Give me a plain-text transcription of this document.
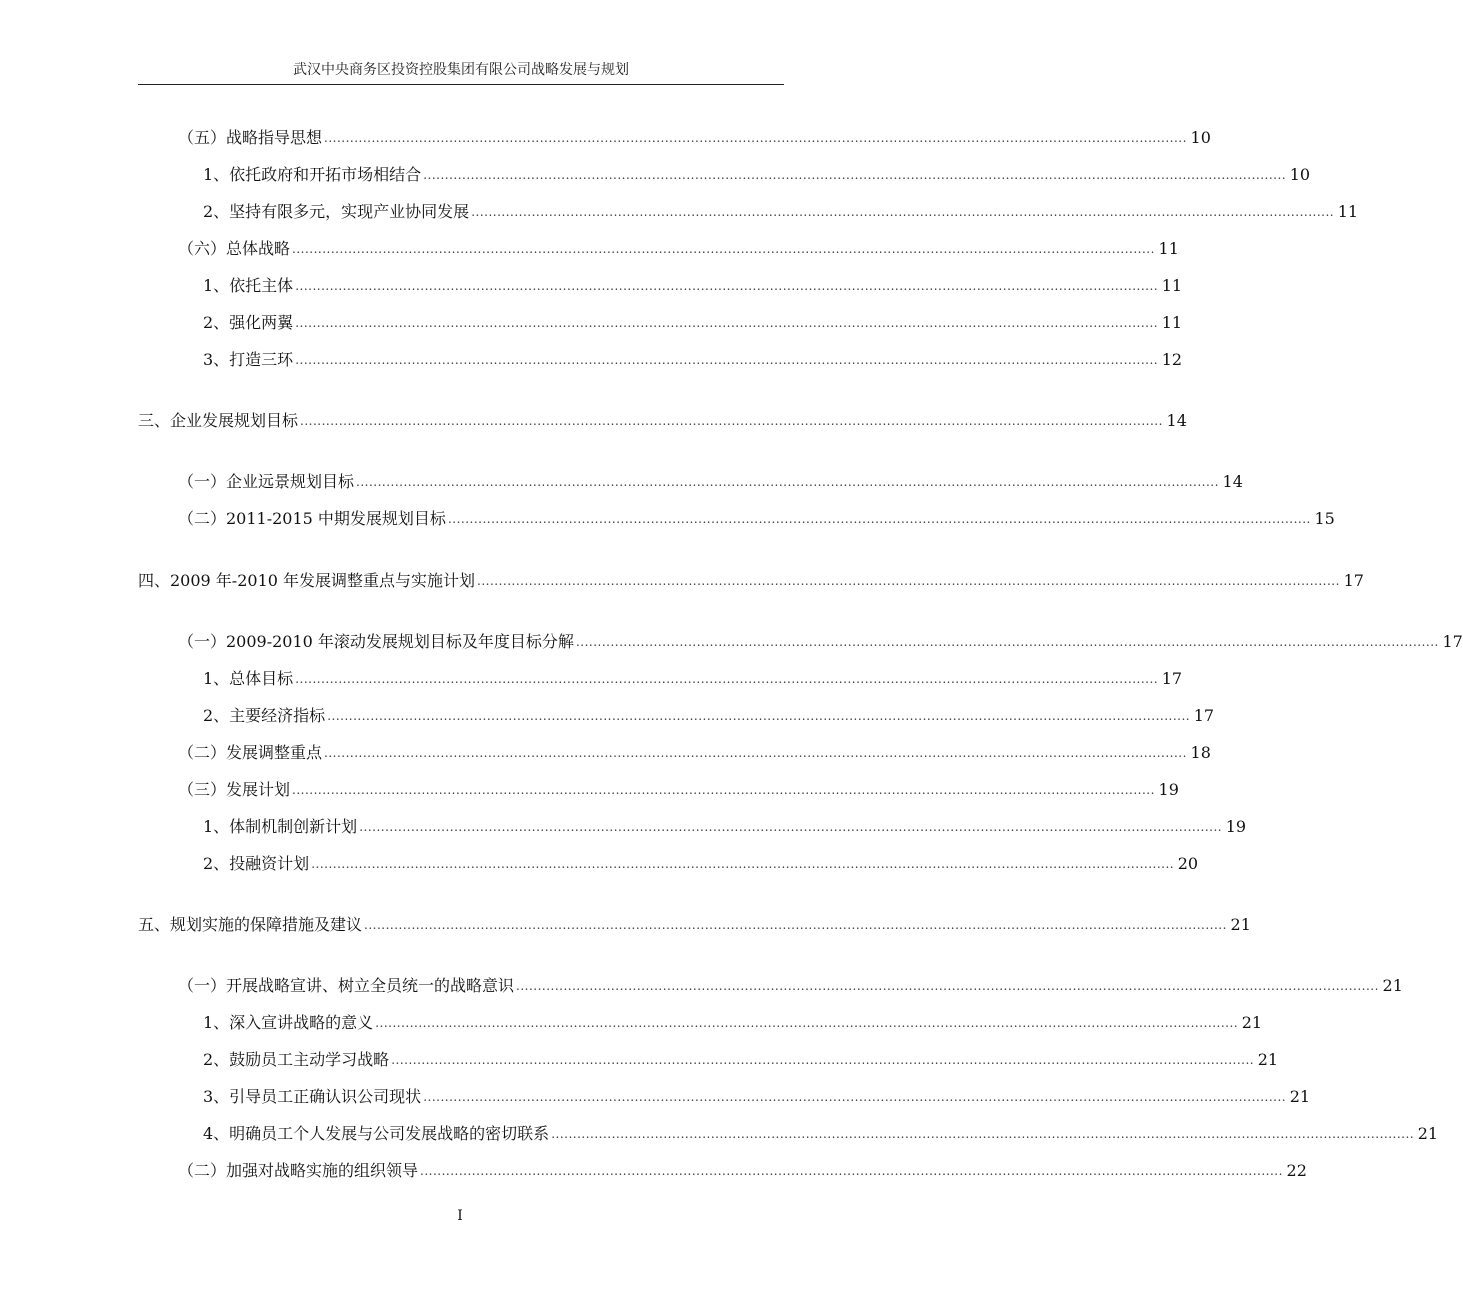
武汉中央商务区投资控股集团有限公司战略发展与规划
（五）战略指导思想 ........................................................................................................................................................................................................ 10
1、依托政府和开拓市场相结合 ........................................................................................................................................................................................................ 10
2、坚持有限多元，实现产业协同发展 ........................................................................................................................................................................................................ 11
（六）总体战略 ........................................................................................................................................................................................................ 11
1、依托主体 ........................................................................................................................................................................................................ 11
2、强化两翼 ........................................................................................................................................................................................................ 11
3、打造三环 ........................................................................................................................................................................................................ 12
三、企业发展规划目标 ........................................................................................................................................................................................................ 14
（一）企业远景规划目标 ........................................................................................................................................................................................................ 14
（二）2011-2015 中期发展规划目标 ........................................................................................................................................................................................................ 15
四、2009 年-2010 年发展调整重点与实施计划 ........................................................................................................................................................................................................ 17
（一）2009-2010 年滚动发展规划目标及年度目标分解 ........................................................................................................................................................................................................ 17
1、总体目标 ........................................................................................................................................................................................................ 17
2、主要经济指标 ........................................................................................................................................................................................................ 17
（二）发展调整重点 ........................................................................................................................................................................................................ 18
（三）发展计划 ........................................................................................................................................................................................................ 19
1、体制机制创新计划 ........................................................................................................................................................................................................ 19
2、投融资计划 ........................................................................................................................................................................................................ 20
五、规划实施的保障措施及建议 ........................................................................................................................................................................................................ 21
（一）开展战略宣讲、树立全员统一的战略意识 ........................................................................................................................................................................................................ 21
1、深入宣讲战略的意义 ........................................................................................................................................................................................................ 21
2、鼓励员工主动学习战略 ........................................................................................................................................................................................................ 21
3、引导员工正确认识公司现状 ........................................................................................................................................................................................................ 21
4、明确员工个人发展与公司发展战略的密切联系 ........................................................................................................................................................................................................ 21
（二）加强对战略实施的组织领导 ........................................................................................................................................................................................................ 22
I
